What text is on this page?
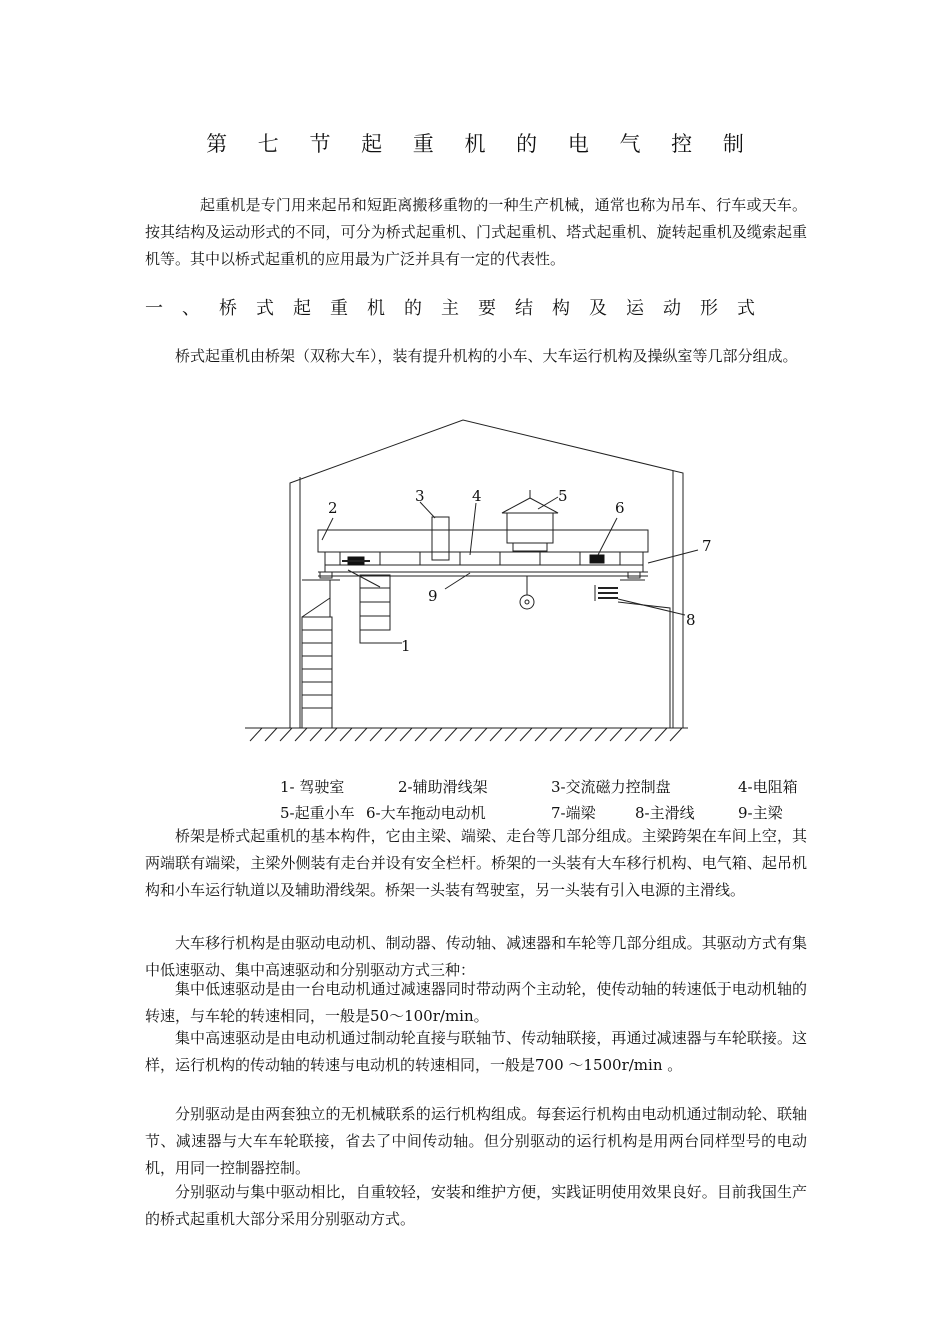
第 七 节 起 重 机 的 电 气 控 制

起重机是专门用来起吊和短距离搬移重物的一种生产机械，通常也称为吊车、行车或天车。按其结构及运动形式的不同，可分为桥式起重机、门式起重机、塔式起重机、旋转起重机及缆索起重机等。其中以桥式起重机的应用最为广泛并具有一定的代表性。

一、桥式起重机的主要结构及运动形式

桥式起重机由桥架（双称大车），装有提升机构的小车、大车运行机构及操纵室等几部分组成。

1
2
3	4	5
6
7
8
9
1- 驾驶室	2-辅助滑线架	3-交流磁力控制盘	4-电阻箱
5-起重小车 6-大车拖动电动机	7-端梁	8-主滑线	9-主梁

桥架是桥式起重机的基本构件，它由主梁、端梁、走台等几部分组成。主梁跨架在车间上空，其两端联有端梁，主梁外侧装有走台并设有安全栏杆。桥架的一头装有大车移行机构、电气箱、起吊机构和小车运行轨道以及辅助滑线架。桥架一头装有驾驶室，另一头装有引入电源的主滑线。

大车移行机构是由驱动电动机、制动器、传动轴、减速器和车轮等几部分组成。其驱动方式有集中低速驱动、集中高速驱动和分别驱动方式三种：

集中低速驱动是由一台电动机通过减速器同时带动两个主动轮，使传动轴的转速低于电动机轴的转速，与车轮的转速相同，一般是50～100r/min。

集中高速驱动是由电动机通过制动轮直接与联轴节、传动轴联接，再通过减速器与车轮联接。这样，运行机构的传动轴的转速与电动机的转速相同，一般是700 ～1500r/min 。

分别驱动是由两套独立的无机械联系的运行机构组成。每套运行机构由电动机通过制动轮、联轴节、减速器与大车车轮联接，省去了中间传动轴。但分别驱动的运行机构是用两台同样型号的电动机，用同一控制器控制。

分别驱动与集中驱动相比，自重较轻，安装和维护方便，实践证明使用效果良好。目前我国生产的桥式起重机大部分采用分别驱动方式。
